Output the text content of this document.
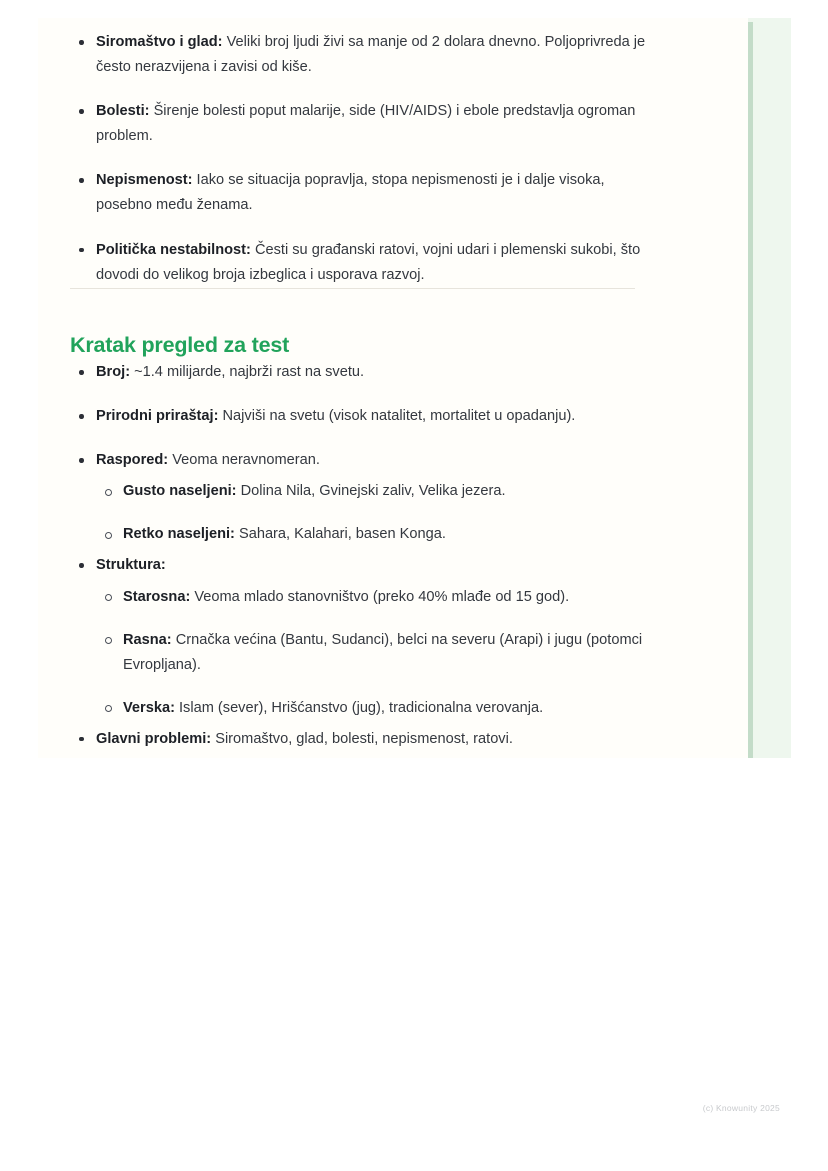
Siromaštvo i glad: Veliki broj ljudi živi sa manje od 2 dolara dnevno. Poljoprivreda je često nerazvijena i zavisi od kiše.
Bolesti: Širenje bolesti poput malarije, side (HIV/AIDS) i ebole predstavlja ogroman problem.
Nepismenost: Iako se situacija popravlja, stopa nepismenosti je i dalje visoka, posebno među ženama.
Politička nestabilnost: Česti su građanski ratovi, vojni udari i plemenski sukobi, što dovodi do velikog broja izbeglica i usporava razvoj.
Kratak pregled za test
Broj: ~1.4 milijarde, najbrži rast na svetu.
Prirodni priraštaj: Najviši na svetu (visok natalitet, mortalitet u opadanju).
Raspored: Veoma neravnomeran.
Gusto naseljeni: Dolina Nila, Gvinejski zaliv, Velika jezera.
Retko naseljeni: Sahara, Kalahari, basen Konga.
Struktura:
Starosna: Veoma mlado stanovništvo (preko 40% mlađe od 15 god).
Rasna: Crnačka većina (Bantu, Sudanci), belci na severu (Arapi) i jugu (potomci Evropljana).
Verska: Islam (sever), Hrišćanstvo (jug), tradicionalna verovanja.
Glavni problemi: Siromaštvo, glad, bolesti, nepismenost, ratovi.
(c) Knowunity 2025
